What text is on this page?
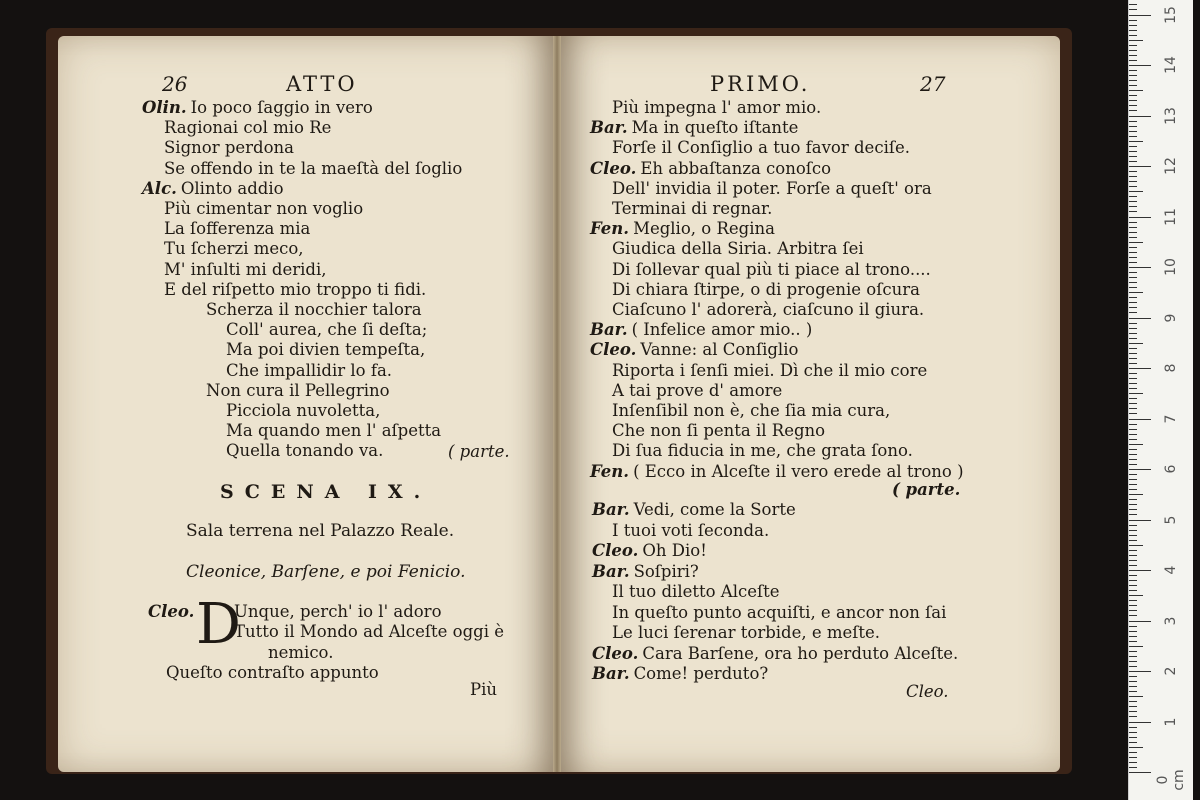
26	ATTO	PRIMO.	27
Olin. Io poco ſaggio in vero
Ragionai col mio Re
Signor perdona
Se offendo in te la maeſtà del ſoglio
Alc. Olinto addio
Più cimentar non voglio
La ſofferenza mia
Tu ſcherzi meco,
M' inſulti mi deridi,
E del riſpetto mio troppo ti fidi.
Scherza il nocchier talora
Coll' aurea, che ſi deſta;
Ma poi divien tempeſta,
Che impallidir lo fa.
Non cura il Pellegrino
Picciola nuvoletta,
Ma quando men l' aſpetta
Quella tonando va.	( parte.
SCENA IX.
Sala terrena nel Palazzo Reale.
Cleonice, Barſene, e poi Fenicio.
Cleo. D
Unque, perch' io l' adoro
Tutto il Mondo ad Alceſte oggi è
nemico.
Queſto contraſto appunto
Più
Più impegna l' amor mio.
Bar. Ma in queſto iſtante
Forſe il Conſiglio a tuo favor deciſe.
Cleo. Eh abbaſtanza conoſco
Dell' invidia il poter. Forſe a queſt' ora
Terminai di regnar.
Fen. Meglio, o Regina
Giudica della Siria. Arbitra ſei
Di ſollevar qual più ti piace al trono....
Di chiara ſtirpe, o di progenie oſcura
Ciaſcuno l' adorerà, ciaſcuno il giura.
Bar. ( Infelice amor mio.. )
Cleo. Vanne: al Conſiglio
Riporta i ſenſi miei. Dì che il mio core
A tai prove d' amore
Inſenſibil non è, che ſia mia cura,
Che non ſi penta il Regno
Di ſua fiducia in me, che grata ſono.
Fen. ( Ecco in Alceſte il vero erede al trono )
( parte.
Bar. Vedi, come la Sorte
I tuoi voti ſeconda.
Cleo. Oh Dio!
Bar. Soſpiri?
Il tuo diletto Alceſte
In queſto punto acquiſti, e ancor non ſai
Le luci ſerenar torbide, e meſte.
Cleo. Cara Barſene, ora ho perduto Alceſte.
Bar. Come! perduto?
Cleo.
0 cm
1
2
3
4
5
6
7
8
9
10
11
12
13
14
15
